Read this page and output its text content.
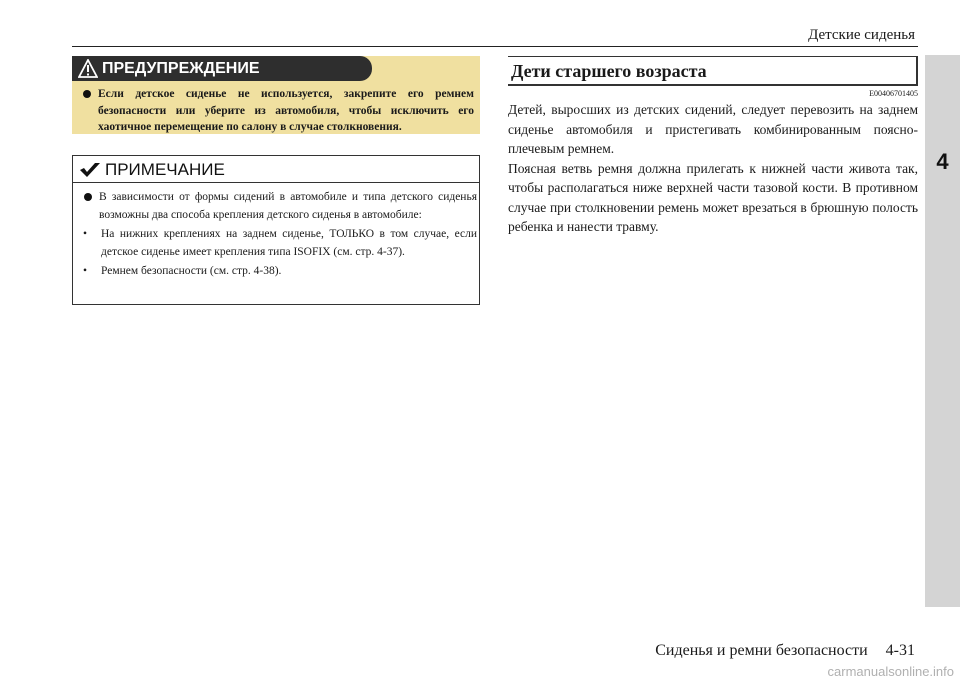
Детские сиденья
4
ПРЕДУПРЕЖДЕНИЕ
Если детское сиденье не используется, закрепите его ремнем безопасности или уберите из автомобиля, чтобы исключить его хаотичное перемещение по салону в случае столкновения.
ПРИМЕЧАНИЕ
В зависимости от формы сидений в автомобиле и типа детского сиденья возможны два способа крепления детского сиденья в автомобиле:
• На нижних креплениях на заднем сиденье, ТОЛЬКО в том случае, если детское сиденье имеет крепления типа ISOFIX (см. стр. 4-37).
• Ремнем безопасности (см. стр. 4-38).
Дети старшего возраста
E00406701405

Детей, выросших из детских сидений, следует перевозить на заднем сиденье автомобиля и пристегивать комбинированным поясно-плечевым ремнем.

Поясная ветвь ремня должна прилегать к нижней части живота так, чтобы располагаться ниже верхней части тазовой кости. В противном случае при столкновении ремень может врезаться в брюшную полость ребенка и нанести травму.

Сиденья и ремни безопасности 4-31
carmanualsonline.info
